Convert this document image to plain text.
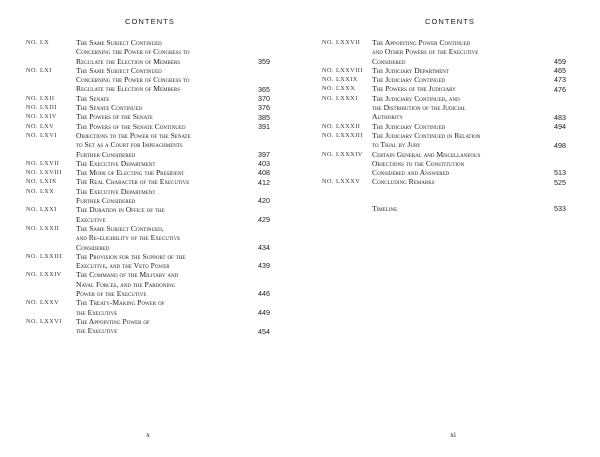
CONTENTS
NO. LX	The Same Subject Continued
Concerning the Power of Congress to
Regulate the Election of Members	359
NO. LXI	The Same Subject Continued
Concerning the Power of Congress to
Regulate the Election of Members	365
NO. LXII	The Senate	370
NO. LXIII	The Senate Continued	376
NO. LXIV	The Powers of the Senate	385
NO. LXV	The Powers of the Senate Continued	391
NO. LXVI	Objections to the Power of the Senate
to Set as a Court for Impeachments
Further Considered	397
NO. LXVII	The Executive Department	403
NO. LXVIII	The Mode of Electing the President	408
NO. LXIX	The Real Character of the Executive	412
NO. LXX	The Executive Department
Further Considered	420
NO. LXXI	The Duration in Office of the
Executive	429
NO. LXXII	The Same Subject Continued,
and Re-eligibility of the Executive
Considered	434
NO. LXXIII	The Provision for the Support of the
Executive, and the Veto Power	439
NO. LXXIV	The Command of the Military and
Naval Forces, and the Pardoning
Power of the Executive	446
NO. LXXV	The Treaty-Making Power of
the Executive	449
NO. LXXVI	The Appointing Power of
the Executive	454
x
CONTENTS
NO. LXXVII	The Appointing Power Continued
and Other Powers of the Executive
Considered	459
NO. LXXVIII	The Judiciary Department	465
NO. LXXIX	The Judiciary Continued	473
NO. LXXX	The Powers of the Judiciary	476
NO. LXXXI	The Judiciary Continued, and
the Distribution of the Judicial
Authority	483
NO. LXXXII	The Judiciary Continued	494
NO. LXXXIII	The Judiciary Continued in Relation
to Trial by Jury	498
NO. LXXXIV	Certain General and Miscellaneous
Objections to the Constitution
Considered and Answered	513
NO. LXXXV	Concluding Remarks	525
Timeline	533
xi
